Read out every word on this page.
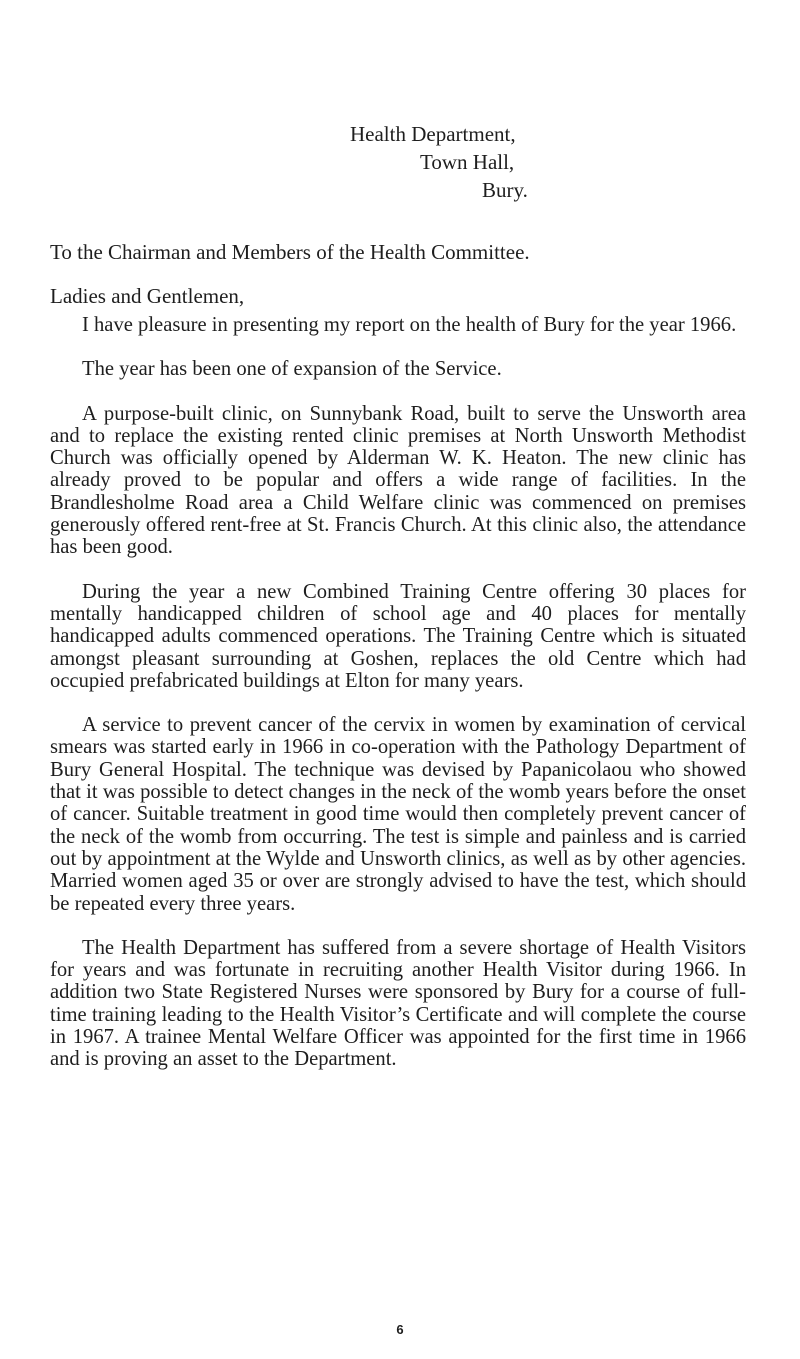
Health Department,
Town Hall,
Bury.
To the Chairman and Members of the Health Committee.
Ladies and Gentlemen,

I have pleasure in presenting my report on the health of Bury for the year 1966.

The year has been one of expansion of the Service.

A purpose-built clinic, on Sunnybank Road, built to serve the Unsworth area and to replace the existing rented clinic premises at North Unsworth Methodist Church was officially opened by Alderman W. K. Heaton. The new clinic has already proved to be popular and offers a wide range of facilities. In the Brandlesholme Road area a Child Welfare clinic was commenced on premises generously offered rent-free at St. Francis Church. At this clinic also, the attendance has been good.

During the year a new Combined Training Centre offering 30 places for mentally handicapped children of school age and 40 places for mentally handicapped adults commenced operations. The Training Centre which is situated amongst pleasant surrounding at Goshen, replaces the old Centre which had occupied prefabricated buildings at Elton for many years.

A service to prevent cancer of the cervix in women by examination of cervical smears was started early in 1966 in co-operation with the Pathology Department of Bury General Hospital. The technique was devised by Papanicolaou who showed that it was possible to detect changes in the neck of the womb years before the onset of cancer. Suitable treatment in good time would then completely prevent cancer of the neck of the womb from occurring. The test is simple and painless and is carried out by appointment at the Wylde and Unsworth clinics, as well as by other agencies. Married women aged 35 or over are strongly advised to have the test, which should be repeated every three years.

The Health Department has suffered from a severe shortage of Health Visitors for years and was fortunate in recruiting another Health Visitor during 1966. In addition two State Registered Nurses were sponsored by Bury for a course of full-time training leading to the Health Visitor’s Certificate and will complete the course in 1967. A trainee Mental Welfare Officer was appointed for the first time in 1966 and is proving an asset to the Department.

6
